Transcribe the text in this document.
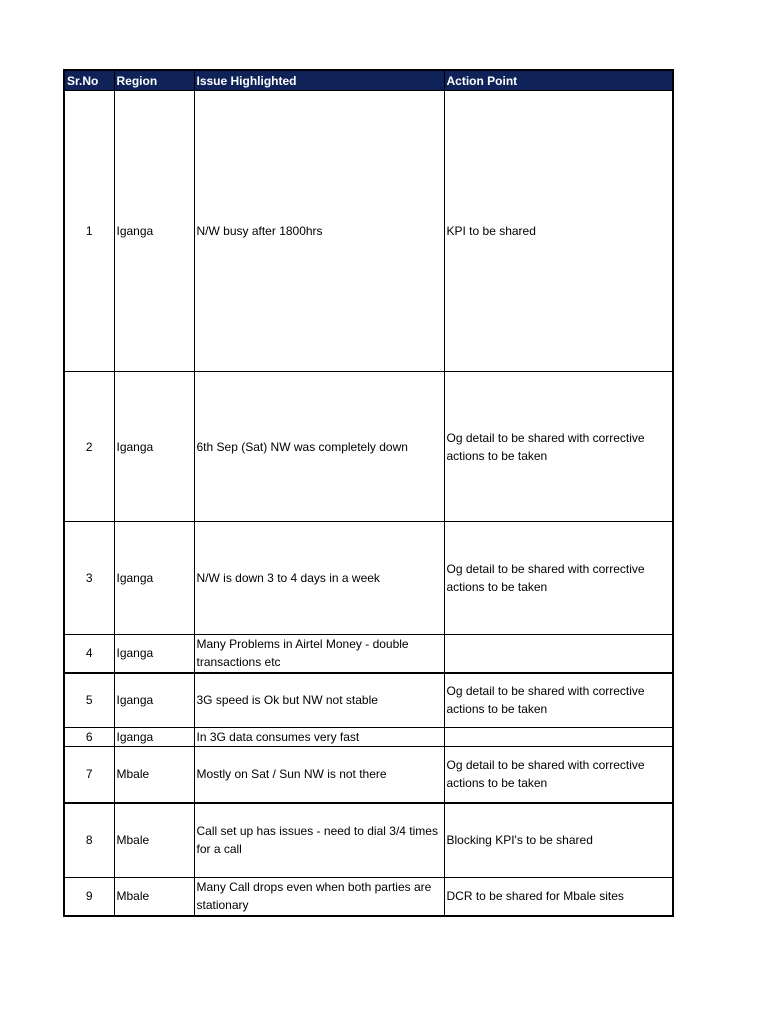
Sr.No	Region	Issue Highlighted	Action Point
1	Iganga	N/W busy after 1800hrs	KPI to be shared
2	Iganga	6th Sep (Sat) NW was completely down	Og detail to be shared with corrective actions to be taken
3	Iganga	N/W is down 3 to 4 days in a week	Og detail to be shared with corrective actions to be taken
4	Iganga	Many Problems in Airtel Money - double transactions etc	
5	Iganga	3G speed is Ok but NW not stable	Og detail to be shared with corrective actions to be taken
6	Iganga	In 3G data consumes very fast	
7	Mbale	Mostly on Sat / Sun NW is not there	Og detail to be shared with corrective actions to be taken
8	Mbale	Call set up has issues - need to dial 3/4 times for a call	Blocking KPI's to be shared
9	Mbale	Many Call drops even when both parties are stationary	DCR to be shared for Mbale sites
